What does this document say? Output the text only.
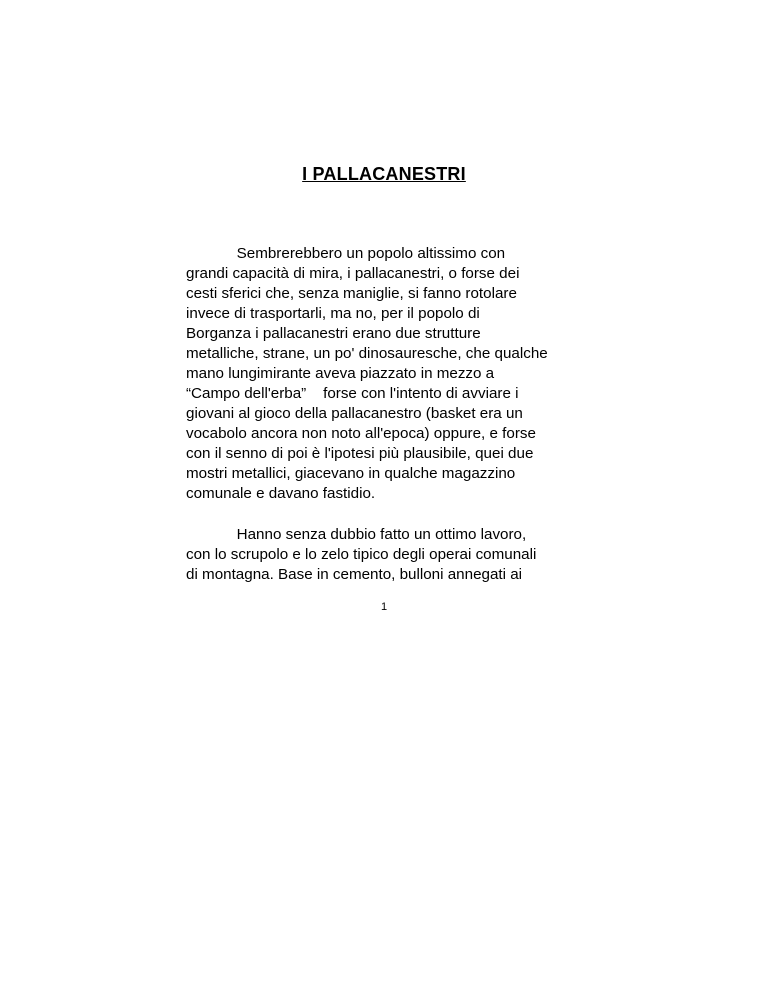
I PALLACANESTRI
Sembrerebbero un popolo altissimo con
grandi capacità di mira, i pallacanestri, o forse dei
cesti sferici che, senza maniglie, si fanno rotolare
invece di trasportarli, ma no, per il popolo di
Borganza i pallacanestri erano due strutture
metalliche, strane, un po' dinosauresche, che qualche
mano lungimirante aveva piazzato in mezzo a
“Campo dell'erba”    forse con l'intento di avviare i
giovani al gioco della pallacanestro (basket era un
vocabolo ancora non noto all'epoca) oppure, e forse
con il senno di poi è l'ipotesi più plausibile, quei due
mostri metallici, giacevano in qualche magazzino
comunale e davano fastidio.
Hanno senza dubbio fatto un ottimo lavoro,
con lo scrupolo e lo zelo tipico degli operai comunali
di montagna. Base in cemento, bulloni annegati ai

1
